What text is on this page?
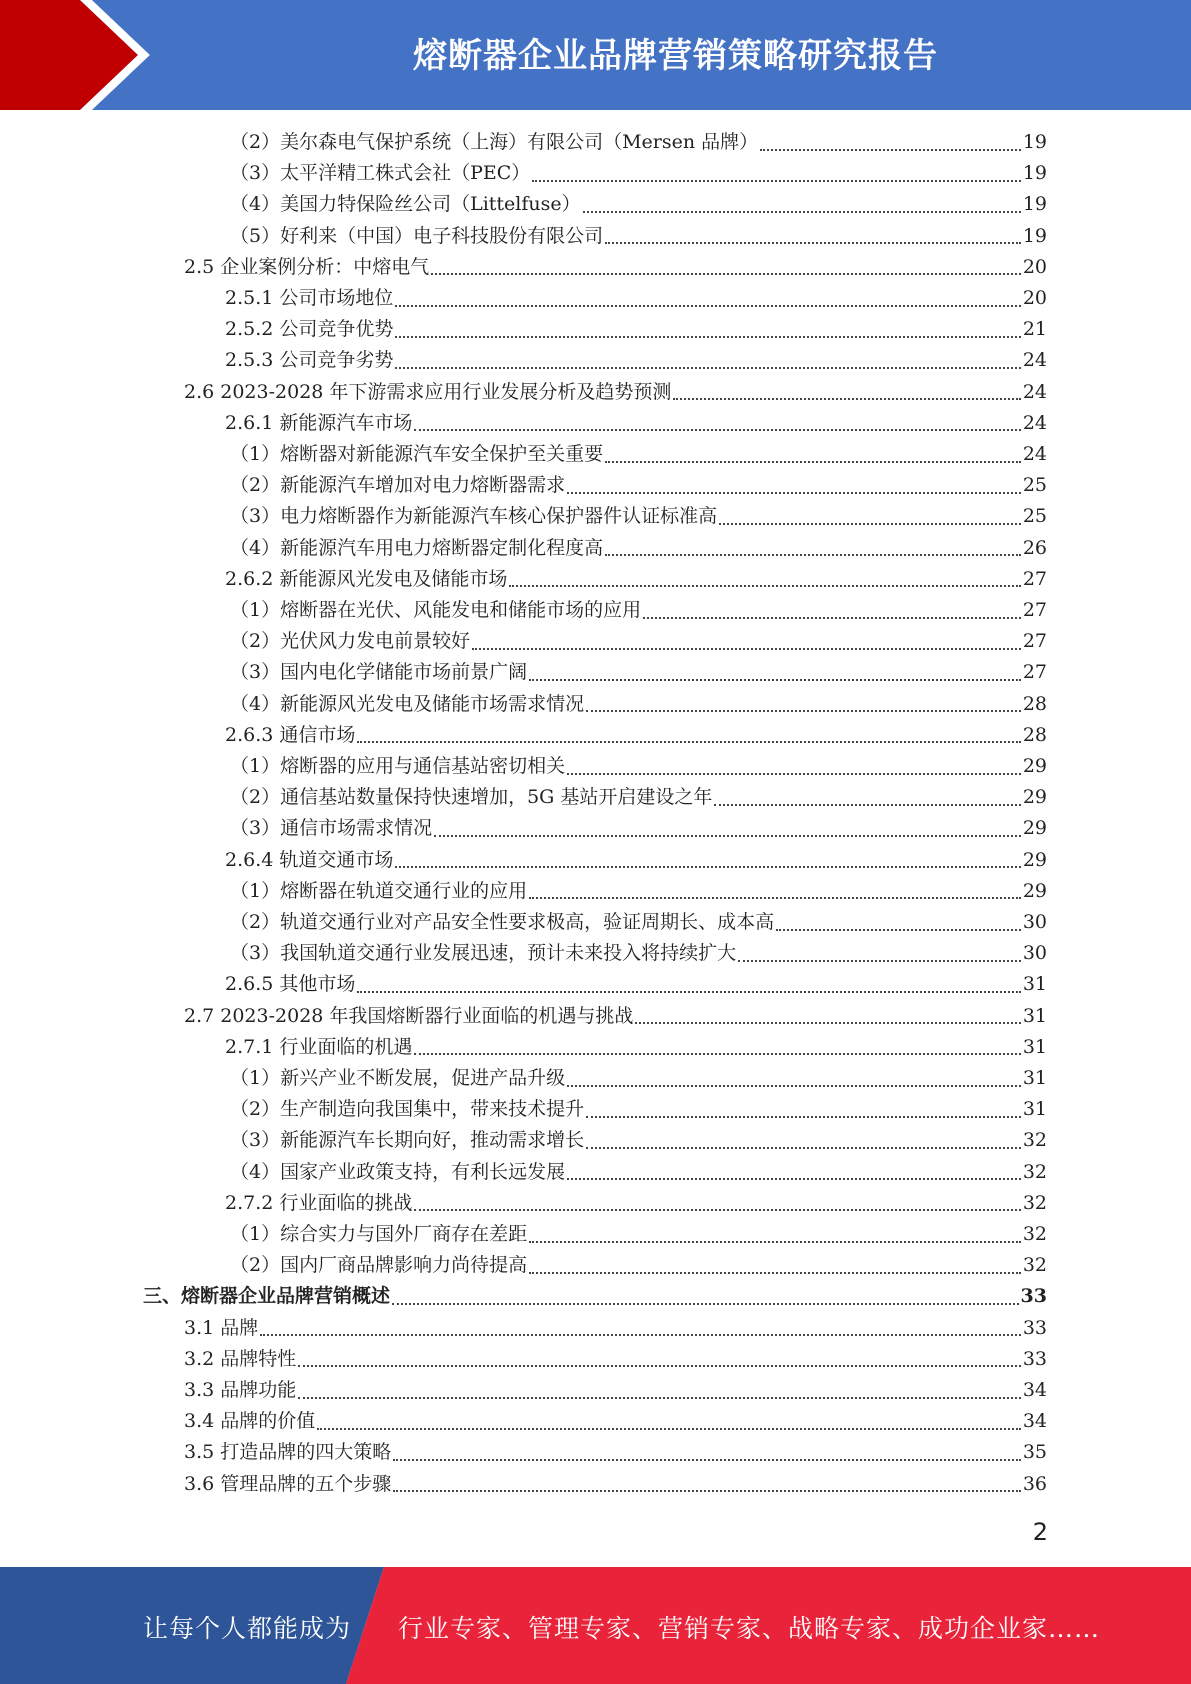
熔断器企业品牌营销策略研究报告
（2）美尔森电气保护系统（上海）有限公司（Mersen 品牌）	19
（3）太平洋精工株式会社（PEC）	19
（4）美国力特保险丝公司（Littelfuse）	19
（5）好利来（中国）电子科技股份有限公司	19
2.5 企业案例分析：中熔电气	20
2.5.1 公司市场地位	20
2.5.2 公司竞争优势	21
2.5.3 公司竞争劣势	24
2.6 2023-2028 年下游需求应用行业发展分析及趋势预测	24
2.6.1 新能源汽车市场	24
（1）熔断器对新能源汽车安全保护至关重要	24
（2）新能源汽车增加对电力熔断器需求	25
（3）电力熔断器作为新能源汽车核心保护器件认证标准高	25
（4）新能源汽车用电力熔断器定制化程度高	26
2.6.2 新能源风光发电及储能市场	27
（1）熔断器在光伏、风能发电和储能市场的应用	27
（2）光伏风力发电前景较好	27
（3）国内电化学储能市场前景广阔	27
（4）新能源风光发电及储能市场需求情况	28
2.6.3 通信市场	28
（1）熔断器的应用与通信基站密切相关	29
（2）通信基站数量保持快速增加，5G 基站开启建设之年	29
（3）通信市场需求情况	29
2.6.4 轨道交通市场	29
（1）熔断器在轨道交通行业的应用	29
（2）轨道交通行业对产品安全性要求极高，验证周期长、成本高	30
（3）我国轨道交通行业发展迅速，预计未来投入将持续扩大	30
2.6.5 其他市场	31
2.7 2023-2028 年我国熔断器行业面临的机遇与挑战	31
2.7.1 行业面临的机遇	31
（1）新兴产业不断发展，促进产品升级	31
（2）生产制造向我国集中，带来技术提升	31
（3）新能源汽车长期向好，推动需求增长	32
（4）国家产业政策支持，有利长远发展	32
2.7.2 行业面临的挑战	32
（1）综合实力与国外厂商存在差距	32
（2）国内厂商品牌影响力尚待提高	32
三、熔断器企业品牌营销概述	33
3.1 品牌	33
3.2 品牌特性	33
3.3 品牌功能	34
3.4 品牌的价值	34
3.5 打造品牌的四大策略	35
3.6 管理品牌的五个步骤	36
2
让每个人都能成为 行业专家、管理专家、营销专家、战略专家、成功企业家……
